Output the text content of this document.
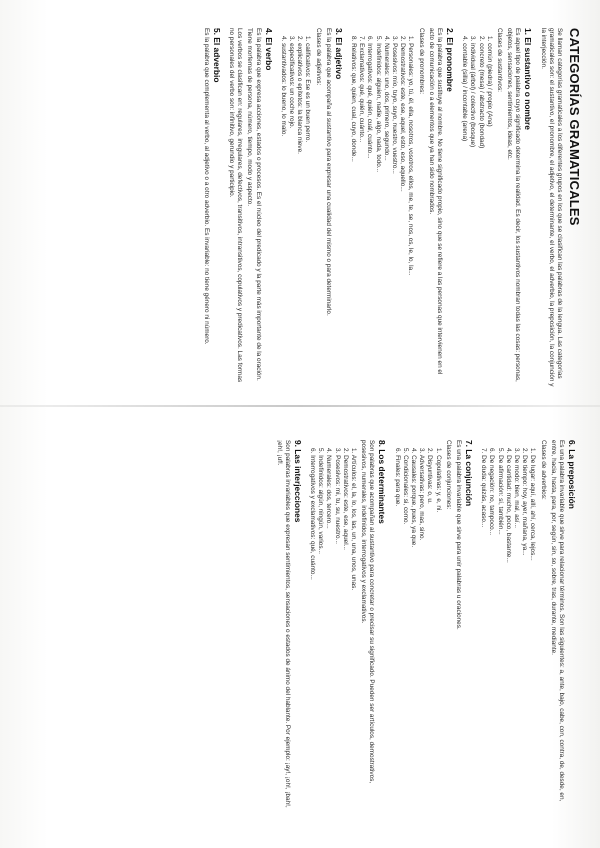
CATEGORÍAS GRAMATICALES
Se llaman categorías gramaticales a los diferentes grupos en los que se clasifican las palabras de la lengua. Las categorías gramaticales son: el sustantivo, el pronombre, el adjetivo, el determinante, el verbo, el adverbio, la preposición, la conjunción y la interjección.
1. El sustantivo o nombre
Es aquel tipo de palabra cuyo significado determina la realidad. Es decir, los sustantivos nombran todas las cosas: personas, objetos, sensaciones, sentimientos, ideas, etc.
Clases de sustantivos:
1. común (piedra) / propio (Ana)
2. concreto (mesa) / abstracto (bondad)
3. individual (árbol) / colectivo (bosque)
4. contable (silla) / incontable (arena)
2. El pronombre
Es la palabra que sustituye al nombre. No tiene significado propio, sino que se refiere a las personas que intervienen en el acto de comunicación o a elementos que ya han sido nombrados.
Clases de pronombres:
1. Personales: yo, tú, él, ella, nosotros, vosotros, ellos, me, te, se, nos, os, le, lo, la...
2. Demostrativos: este, ese, aquel, esto, eso, aquello...
3. Posesivos: mío, tuyo, suyo, nuestro, vuestro...
4. Numerales: uno, dos, primero, segundo...
5. Indefinidos: alguien, nadie, algo, nada, todo...
6. Interrogativos: qué, quién, cuál, cuánto...
7. Exclamativos: qué, quién, cuánto...
8. Relativos: que, quien, cual, cuyo, donde...
3. El adjetivo
Es la palabra que acompaña al sustantivo para expresar una cualidad del mismo o para determinarlo.
Clases de adjetivos:
1. calificativos: Ese es un buen perro.
2. explicativos o epítetos: la blanca nieve.
3. especificativos: un coche rojo.
4. sustantivados: lo bueno, lo malo.
4. El verbo
Es la palabra que expresa acciones, estados o procesos. Es el núcleo del predicado y la parte más importante de la oración. Tiene morfemas de persona, número, tiempo, modo y aspecto.
Los verbos se clasifican en: regulares, irregulares, defectivos, transitivos, intransitivos, copulativos y predicativos. Las formas no personales del verbo son: infinitivo, gerundio y participio.
5. El adverbio
Es la palabra que complementa al verbo, al adjetivo o a otro adverbio. Es invariable: no tiene género ni número.
6. La preposición
Es una palabra invariable que sirve para relacionar términos. Son las siguientes: a, ante, bajo, cabe, con, contra, de, desde, en, entre, hacia, hasta, para, por, según, sin, so, sobre, tras, durante, mediante.
Clases de adverbios:
1. De lugar: aquí, allí, ahí, cerca, lejos...
2. De tiempo: hoy, ayer, mañana, ya...
3. De modo: bien, mal, así...
4. De cantidad: mucho, poco, bastante...
5. De afirmación: sí, también...
6. De negación: no, tampoco...
7. De duda: quizás, acaso...
7. La conjunción
Es una palabra invariable que sirve para unir palabras u oraciones.
Clases de conjunciones:
1. Copulativas: y, e, ni.
2. Disyuntivas: o, u.
3. Adversativas: pero, mas, sino.
4. Causales: porque, pues, ya que.
5. Condicionales: si, como.
6. Finales: para que.
8. Los determinantes
Son palabras que acompañan al sustantivo para concretar o precisar su significado. Pueden ser artículos, demostrativos, posesivos, numerales, indefinidos, interrogativos y exclamativos.
1. Artículos: el, la, lo, los, las, un, una, unos, unas.
2. Demostrativos: este, ese, aquel...
3. Posesivos: mi, tu, su, nuestro...
4. Numerales: dos, tercero...
5. Indefinidos: algún, ningún, varios...
6. Interrogativos y exclamativos: qué, cuánto...
9. Las interjecciones
Son palabras invariables que expresan sentimientos, sensaciones o estados de ánimo del hablante. Por ejemplo: ¡ay!, ¡oh!, ¡bah!, ¡eh!, ¡uf!.
